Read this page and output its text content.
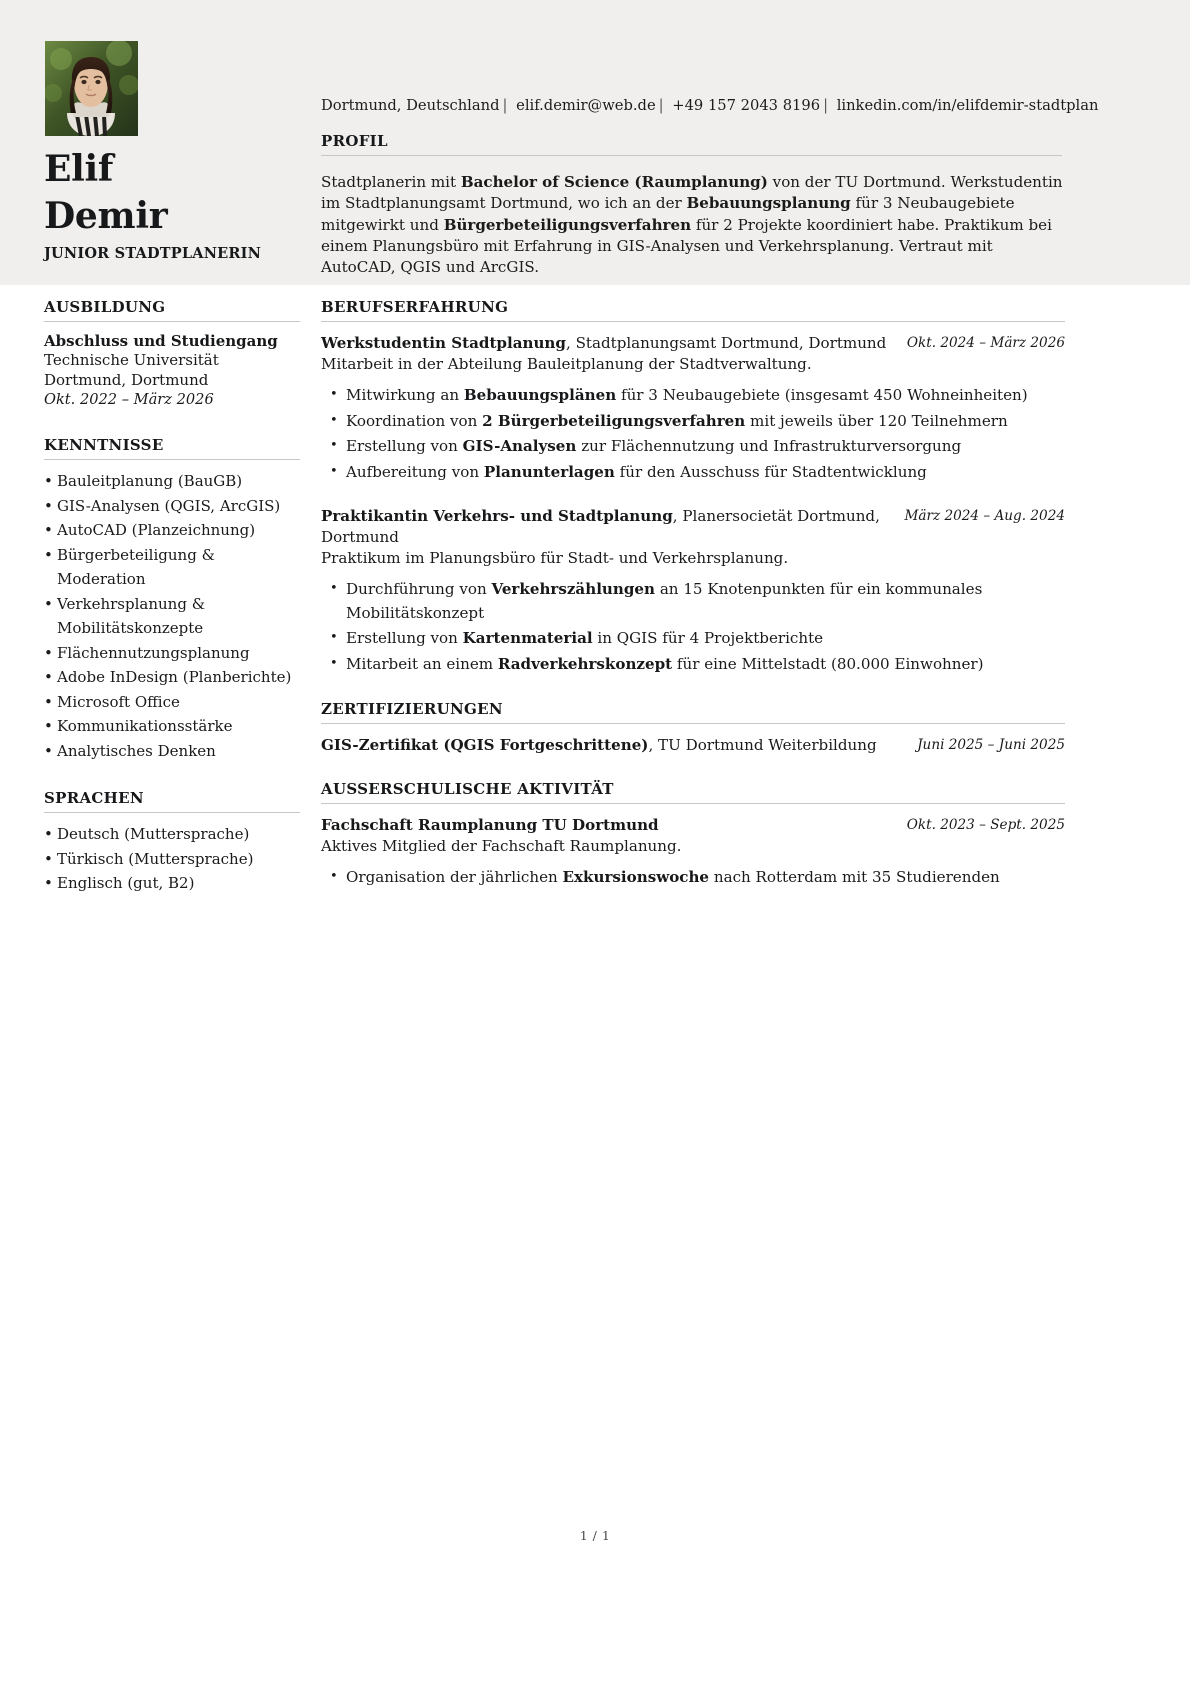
Elif
Demir
JUNIOR STADTPLANERIN
Dortmund, Deutschland | elif.demir@web.de | +49 157 2043 8196 | linkedin.com/in/elifdemir-stadtplan
PROFIL
Stadtplanerin mit Bachelor of Science (Raumplanung) von der TU Dortmund. Werkstudentin im Stadtplanungsamt Dortmund, wo ich an der Bebauungsplanung für 3 Neubaugebiete mitgewirkt und Bürgerbeteiligungsverfahren für 2 Projekte koordiniert habe. Praktikum bei einem Planungsbüro mit Erfahrung in GIS-Analysen und Verkehrsplanung. Vertraut mit AutoCAD, QGIS und ArcGIS.
AUSBILDUNG
Abschluss und Studiengang
Technische Universität Dortmund, Dortmund
Okt. 2022 – März 2026
KENNTNISSE
• Bauleitplanung (BauGB)
• GIS-Analysen (QGIS, ArcGIS)
• AutoCAD (Planzeichnung)
• Bürgerbeteiligung & Moderation
• Verkehrsplanung & Mobilitätskonzepte
• Flächennutzungsplanung
• Adobe InDesign (Planberichte)
• Microsoft Office
• Kommunikationsstärke
• Analytisches Denken
SPRACHEN
• Deutsch (Muttersprache)
• Türkisch (Muttersprache)
• Englisch (gut, B2)
BERUFSERFAHRUNG
Werkstudentin Stadtplanung, Stadtplanungsamt Dortmund, Dortmund	Okt. 2024 – März 2026
Mitarbeit in der Abteilung Bauleitplanung der Stadtverwaltung.
• Mitwirkung an Bebauungsplänen für 3 Neubaugebiete (insgesamt 450 Wohneinheiten)
• Koordination von 2 Bürgerbeteiligungsverfahren mit jeweils über 120 Teilnehmern
• Erstellung von GIS-Analysen zur Flächennutzung und Infrastrukturversorgung
• Aufbereitung von Planunterlagen für den Ausschuss für Stadtentwicklung
Praktikantin Verkehrs- und Stadtplanung, Planersocietät Dortmund, Dortmund
März 2024 – Aug. 2024
Praktikum im Planungsbüro für Stadt- und Verkehrsplanung.
• Durchführung von Verkehrszählungen an 15 Knotenpunkten für ein kommunales Mobilitätskonzept
• Erstellung von Kartenmaterial in QGIS für 4 Projektberichte
• Mitarbeit an einem Radverkehrskonzept für eine Mittelstadt (80.000 Einwohner)
ZERTIFIZIERUNGEN
GIS-Zertifikat (QGIS Fortgeschrittene), TU Dortmund Weiterbildung	Juni 2025 – Juni 2025
AUSSERSCHULISCHE AKTIVITÄT
Fachschaft Raumplanung TU Dortmund	Okt. 2023 – Sept. 2025
Aktives Mitglied der Fachschaft Raumplanung.
• Organisation der jährlichen Exkursionswoche nach Rotterdam mit 35 Studierenden
1 / 1
